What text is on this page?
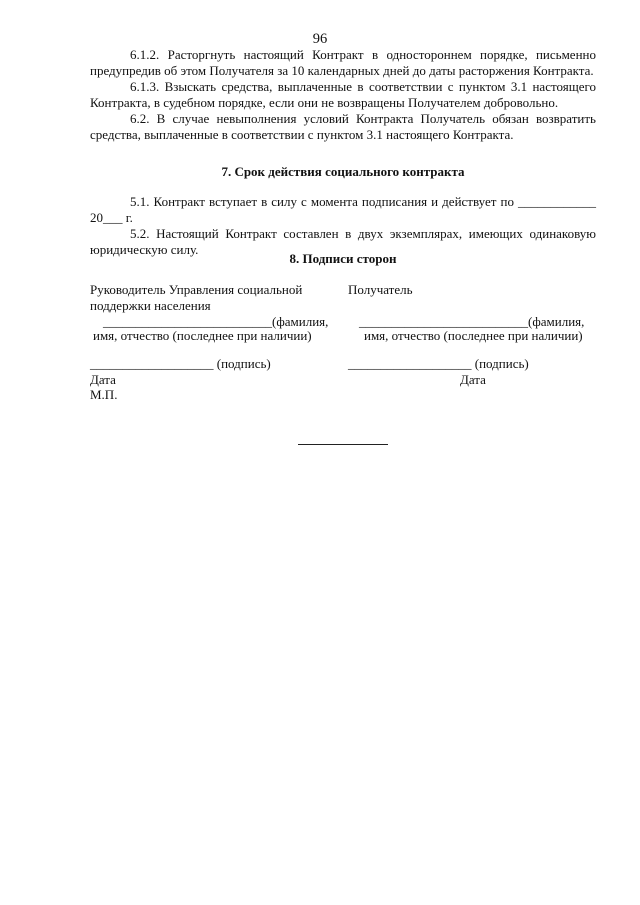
96

6.1.2. Расторгнуть настоящий Контракт в одностороннем порядке, письменно предупредив об этом Получателя за 10 календарных дней до даты расторжения Контракта.

6.1.3. Взыскать средства, выплаченные в соответствии с пунктом 3.1 настоящего Контракта, в судебном порядке, если они не возвращены Получателем добровольно.

6.2. В случае невыполнения условий Контракта Получатель обязан возвратить средства, выплаченные в соответствии с пунктом 3.1 настоящего Контракта.

7. Срок действия социального контракта

5.1. Контракт вступает в силу с момента подписания и действует по ____________ 20___ г.

5.2. Настоящий Контракт составлен в двух экземплярах, имеющих одинаковую юридическую силу.

8. Подписи сторон
Руководитель Управления социальной
поддержки населения
__________________________(фамилия,
имя, отчество (последнее при наличии)
___________________ (подпись)
Дата
М.П.
Получатель
__________________________(фамилия,
имя, отчество (последнее при наличии)
___________________ (подпись)
Дата
